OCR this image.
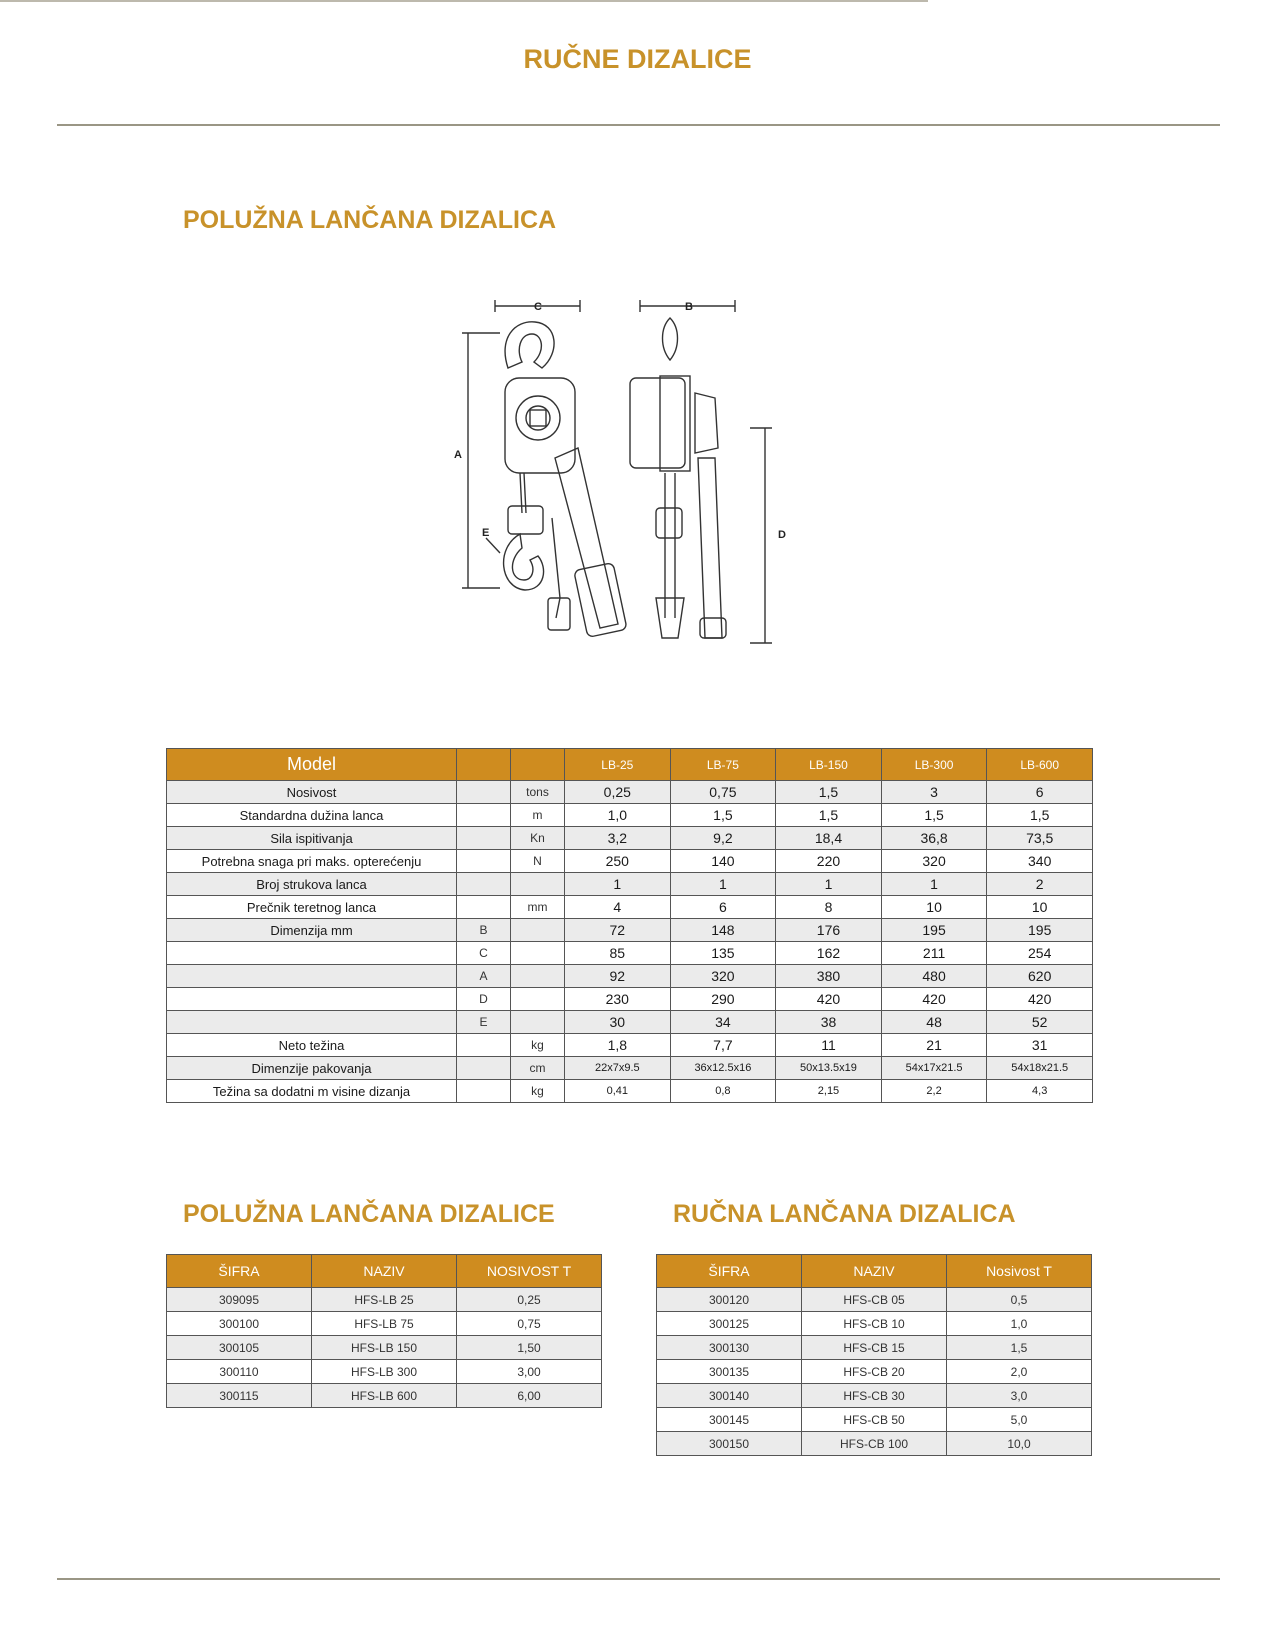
RUČNE DIZALICE
POLUŽNA LANČANA DIZALICA
C	B
A
D
E
Model			LB-25	LB-75	LB-150	LB-300	LB-600
Nosivost		tons	0,25	0,75	1,5	3	6
Standardna dužina lanca		m	1,0	1,5	1,5	1,5	1,5
Sila ispitivanja		Kn	3,2	9,2	18,4	36,8	73,5
Potrebna snaga pri maks. opterećenju		N	250	140	220	320	340
Broj strukova lanca			1	1	1	1	2
Prečnik teretnog lanca		mm	4	6	8	10	10
Dimenzija mm	B		72	148	176	195	195
	C		85	135	162	211	254
	A		92	320	380	480	620
	D		230	290	420	420	420
	E		30	34	38	48	52
Neto težina		kg	1,8	7,7	11	21	31
Dimenzije pakovanja		cm	22x7x9.5	36x12.5x16	50x13.5x19	54x17x21.5	54x18x21.5
Težina sa dodatni m visine dizanja		kg	0,41	0,8	2,15	2,2	4,3
POLUŽNA LANČANA DIZALICE	RUČNA LANČANA DIZALICA
ŠIFRA	NAZIV	NOSIVOST T
309095	HFS-LB 25	0,25
300100	HFS-LB 75	0,75
300105	HFS-LB 150	1,50
300110	HFS-LB 300	3,00
300115	HFS-LB 600	6,00
ŠIFRA	NAZIV	Nosivost T
300120	HFS-CB 05	0,5
300125	HFS-CB 10	1,0
300130	HFS-CB 15	1,5
300135	HFS-CB 20	2,0
300140	HFS-CB 30	3,0
300145	HFS-CB 50	5,0
300150	HFS-CB 100	10,0
